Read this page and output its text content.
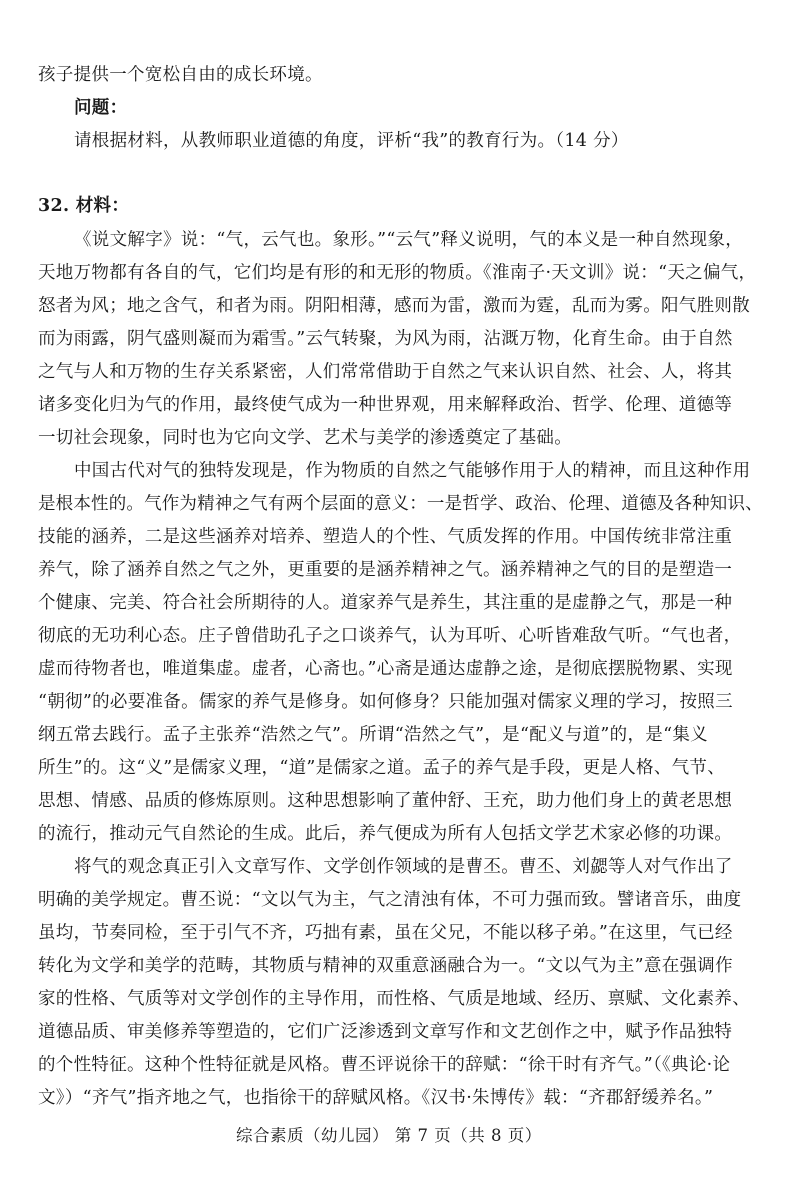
孩子提供一个宽松自由的成长环境。
问题：
请根据材料，从教师职业道德的角度，评析“我”的教育行为。（14 分）
32. 材料：
《说文解字》说：“气，云气也。象形。”“云气”释义说明，气的本义是一种自然现象，
天地万物都有各自的气，它们均是有形的和无形的物质。《淮南子·天文训》说：“天之偏气，
怒者为风；地之含气，和者为雨。阴阳相薄，感而为雷，激而为霆，乱而为雾。阳气胜则散
而为雨露，阴气盛则凝而为霜雪。”云气转聚，为风为雨，沾溉万物，化育生命。由于自然
之气与人和万物的生存关系紧密，人们常常借助于自然之气来认识自然、社会、人，将其
诸多变化归为气的作用，最终使气成为一种世界观，用来解释政治、哲学、伦理、道德等
一切社会现象，同时也为它向文学、艺术与美学的渗透奠定了基础。
中国古代对气的独特发现是，作为物质的自然之气能够作用于人的精神，而且这种作用
是根本性的。气作为精神之气有两个层面的意义：一是哲学、政治、伦理、道德及各种知识、
技能的涵养，二是这些涵养对培养、塑造人的个性、气质发挥的作用。中国传统非常注重
养气，除了涵养自然之气之外，更重要的是涵养精神之气。涵养精神之气的目的是塑造一
个健康、完美、符合社会所期待的人。道家养气是养生，其注重的是虚静之气，那是一种
彻底的无功利心态。庄子曾借助孔子之口谈养气，认为耳听、心听皆难敌气听。“气也者，
虚而待物者也，唯道集虚。虚者，心斋也。”心斋是通达虚静之途，是彻底摆脱物累、实现
“朝彻”的必要准备。儒家的养气是修身。如何修身？只能加强对儒家义理的学习，按照三
纲五常去践行。孟子主张养“浩然之气”。所谓“浩然之气”，是“配义与道”的，是“集义
所生”的。这“义”是儒家义理，“道”是儒家之道。孟子的养气是手段，更是人格、气节、
思想、情感、品质的修炼原则。这种思想影响了董仲舒、王充，助力他们身上的黄老思想
的流行，推动元气自然论的生成。此后，养气便成为所有人包括文学艺术家必修的功课。
将气的观念真正引入文章写作、文学创作领域的是曹丕。曹丕、刘勰等人对气作出了
明确的美学规定。曹丕说：“文以气为主，气之清浊有体，不可力强而致。譬诸音乐，曲度
虽均，节奏同检，至于引气不齐，巧拙有素，虽在父兄，不能以移子弟。”在这里，气已经
转化为文学和美学的范畴，其物质与精神的双重意涵融合为一。“文以气为主”意在强调作
家的性格、气质等对文学创作的主导作用，而性格、气质是地域、经历、禀赋、文化素养、
道德品质、审美修养等塑造的，它们广泛渗透到文章写作和文艺创作之中，赋予作品独特
的个性特征。这种个性特征就是风格。曹丕评说徐干的辞赋：“徐干时有齐气。”（《典论·论
文》）“齐气”指齐地之气，也指徐干的辞赋风格。《汉书·朱博传》载：“齐郡舒缓养名。”
综合素质（幼儿园） 第 7 页（共 8 页）
